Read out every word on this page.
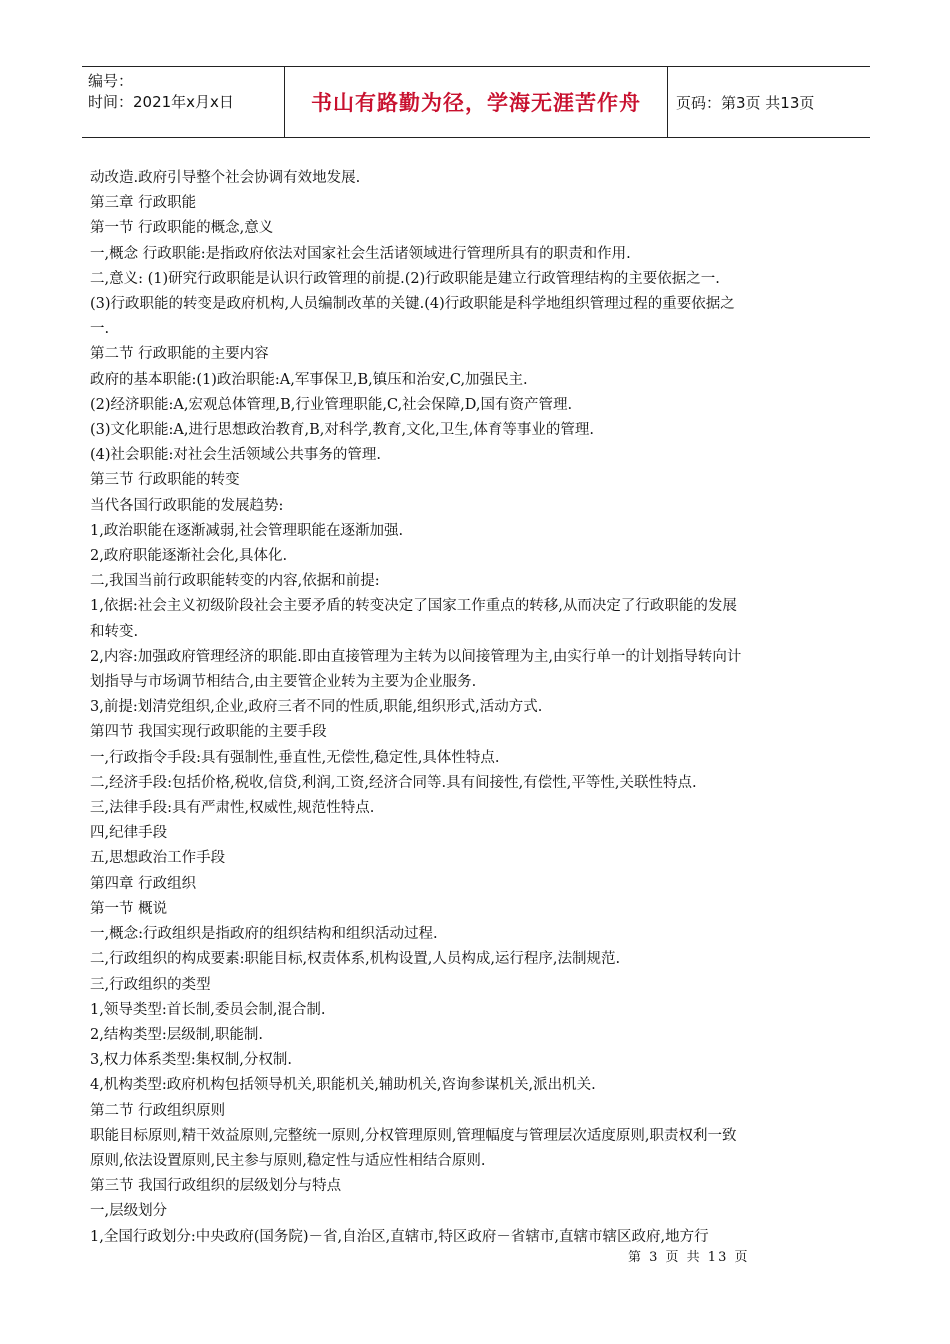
编号：
时间：2021年x月x日	书山有路勤为径，学海无涯苦作舟	页码：第3页 共13页
动改造.政府引导整个社会协调有效地发展.
第三章 行政职能
第一节 行政职能的概念,意义
一,概念 行政职能:是指政府依法对国家社会生活诸领域进行管理所具有的职责和作用.
二,意义: (1)研究行政职能是认识行政管理的前提.(2)行政职能是建立行政管理结构的主要依据之一.
(3)行政职能的转变是政府机构,人员编制改革的关键.(4)行政职能是科学地组织管理过程的重要依据之
一.
第二节 行政职能的主要内容
政府的基本职能:(1)政治职能:A,军事保卫,B,镇压和治安,C,加强民主.
(2)经济职能:A,宏观总体管理,B,行业管理职能,C,社会保障,D,国有资产管理.
(3)文化职能:A,进行思想政治教育,B,对科学,教育,文化,卫生,体育等事业的管理.
(4)社会职能:对社会生活领域公共事务的管理.
第三节 行政职能的转变
当代各国行政职能的发展趋势:
1,政治职能在逐渐减弱,社会管理职能在逐渐加强.
2,政府职能逐渐社会化,具体化.
二,我国当前行政职能转变的内容,依据和前提:
1,依据:社会主义初级阶段社会主要矛盾的转变决定了国家工作重点的转移,从而决定了行政职能的发展
和转变.
2,内容:加强政府管理经济的职能.即由直接管理为主转为以间接管理为主,由实行单一的计划指导转向计
划指导与市场调节相结合,由主要管企业转为主要为企业服务.
3,前提:划清党组织,企业,政府三者不同的性质,职能,组织形式,活动方式.
第四节 我国实现行政职能的主要手段
一,行政指令手段:具有强制性,垂直性,无偿性,稳定性,具体性特点.
二,经济手段:包括价格,税收,信贷,利润,工资,经济合同等.具有间接性,有偿性,平等性,关联性特点.
三,法律手段:具有严肃性,权威性,规范性特点.
四,纪律手段
五,思想政治工作手段
第四章 行政组织
第一节 概说
一,概念:行政组织是指政府的组织结构和组织活动过程.
二,行政组织的构成要素:职能目标,权责体系,机构设置,人员构成,运行程序,法制规范.
三,行政组织的类型
1,领导类型:首长制,委员会制,混合制.
2,结构类型:层级制,职能制.
3,权力体系类型:集权制,分权制.
4,机构类型:政府机构包括领导机关,职能机关,辅助机关,咨询参谋机关,派出机关.
第二节 行政组织原则
职能目标原则,精干效益原则,完整统一原则,分权管理原则,管理幅度与管理层次适度原则,职责权利一致
原则,依法设置原则,民主参与原则,稳定性与适应性相结合原则.
第三节 我国行政组织的层级划分与特点
一,层级划分
1,全国行政划分:中央政府(国务院)－省,自治区,直辖市,特区政府－省辖市,直辖市辖区政府,地方行
第 3 页 共 13 页
